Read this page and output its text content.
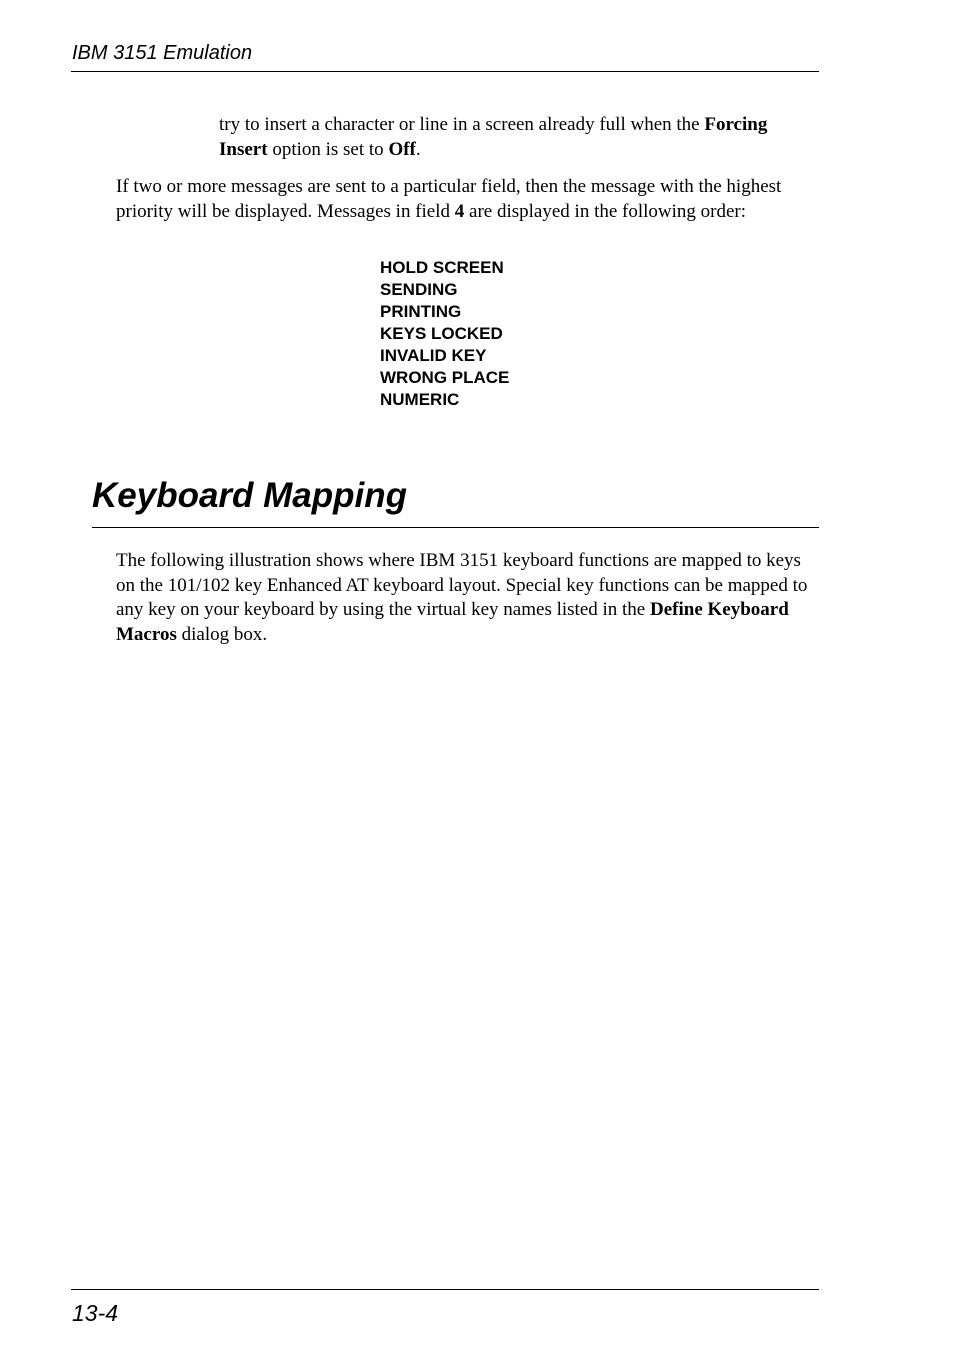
IBM 3151 Emulation

try to insert a character or line in a screen already full when the Forcing Insert option is set to Off.

If two or more messages are sent to a particular field, then the message with the highest priority will be displayed. Messages in field 4 are displayed in the following order:

HOLD SCREEN
SENDING
PRINTING
KEYS LOCKED
INVALID KEY
WRONG PLACE
NUMERIC
Keyboard Mapping

The following illustration shows where IBM 3151 keyboard functions are mapped to keys on the 101/102 key Enhanced AT keyboard layout. Special key functions can be mapped to any key on your keyboard by using the virtual key names listed in the Define Keyboard Macros dialog box.

13-4
